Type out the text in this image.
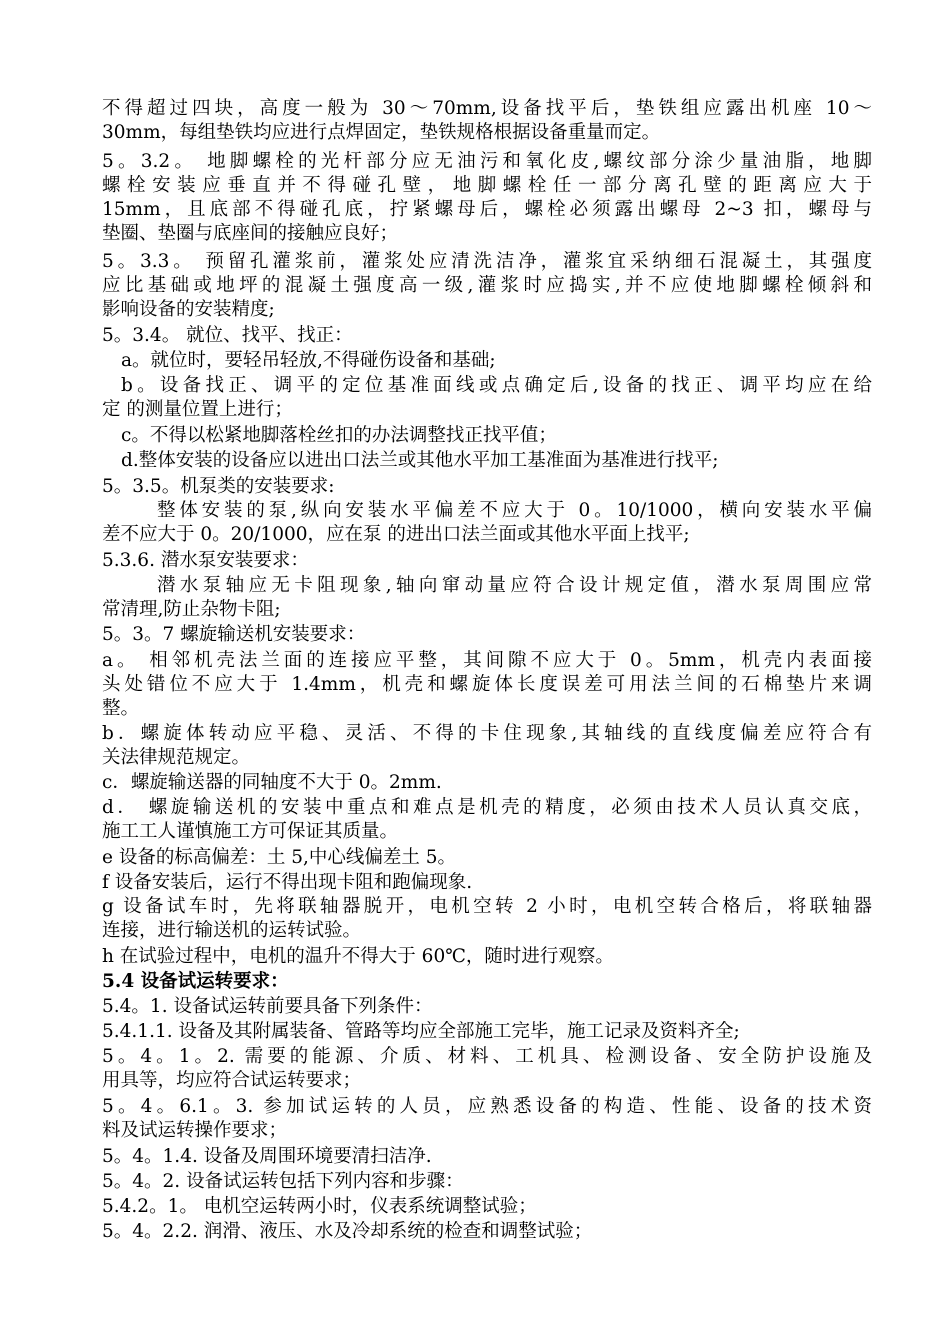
不得超过四块，高度一般为 30～70mm,设备找平后，垫铁组应露出机座 10～
30mm，每组垫铁均应进行点焊固定，垫铁规格根据设备重量而定。
5。3.2。 地脚螺栓的光杆部分应无油污和氧化皮,螺纹部分涂少量油脂，地脚
螺栓安装应垂直并不得碰孔壁，地脚螺栓任一部分离孔壁的距离应大于
15mm，且底部不得碰孔底，拧紧螺母后，螺栓必须露出螺母 2~3 扣，螺母与
垫圈、垫圈与底座间的接触应良好；
5。3.3。 预留孔灌浆前，灌浆处应清洗洁净，灌浆宜采纳细石混凝土，其强度
应比基础或地坪的混凝土强度高一级,灌浆时应捣实,并不应使地脚螺栓倾斜和
影响设备的安装精度;
5。3.4。 就位、找平、找正：
a。就位时，要轻吊轻放,不得碰伤设备和基础;
b。设备找正、调平的定位基准面线或点确定后,设备的找正、调平均应在给
定 的测量位置上进行；
c。不得以松紧地脚落栓丝扣的办法调整找正找平值；
d.整体安装的设备应以进出口法兰或其他水平加工基准面为基准进行找平;
5。3.5。机泵类的安装要求:
整体安装的泵,纵向安装水平偏差不应大于 0。10/1000，横向安装水平偏
差不应大于 0。20/1000，应在泵 的进出口法兰面或其他水平面上找平;
5.3.6. 潜水泵安装要求：
潜水泵轴应无卡阻现象,轴向窜动量应符合设计规定值，潜水泵周围应常
常清理,防止杂物卡阻;
5。3。7 螺旋输送机安装要求：
a。 相邻机壳法兰面的连接应平整，其间隙不应大于 0。5mm，机壳内表面接
头处错位不应大于 1.4mm，机壳和螺旋体长度误差可用法兰间的石棉垫片来调
整。
b．螺旋体转动应平稳、灵活、不得的卡住现象,其轴线的直线度偏差应符合有
关法律规范规定。
c．螺旋输送器的同轴度不大于 0。2mm.
d． 螺旋输送机的安装中重点和难点是机壳的精度，必须由技术人员认真交底，
施工工人谨慎施工方可保证其质量。
e 设备的标高偏差：土 5,中心线偏差土 5。
f 设备安装后，运行不得出现卡阻和跑偏现象.
g 设备试车时，先将联轴器脱开，电机空转 2 小时，电机空转合格后，将联轴器
连接，进行输送机的运转试验。
h 在试验过程中，电机的温升不得大于 60℃，随时进行观察。
5.4 设备试运转要求：
5.4。1. 设备试运转前要具备下列条件：
5.4.1.1. 设备及其附属装备、管路等均应全部施工完毕，施工记录及资料齐全;
5。4。1。2. 需要的能源、介质、材料、工机具、检测设备、安全防护设施及
用具等，均应符合试运转要求；
5。4。6.1。3. 参加试运转的人员，应熟悉设备的构造、性能、设备的技术资
料及试运转操作要求；
5。4。1.4. 设备及周围环境要清扫洁净.
5。4。2. 设备试运转包括下列内容和步骤：
5.4.2。1。 电机空运转两小时，仪表系统调整试验；
5。4。2.2. 润滑、液压、水及冷却系统的检查和调整试验；
